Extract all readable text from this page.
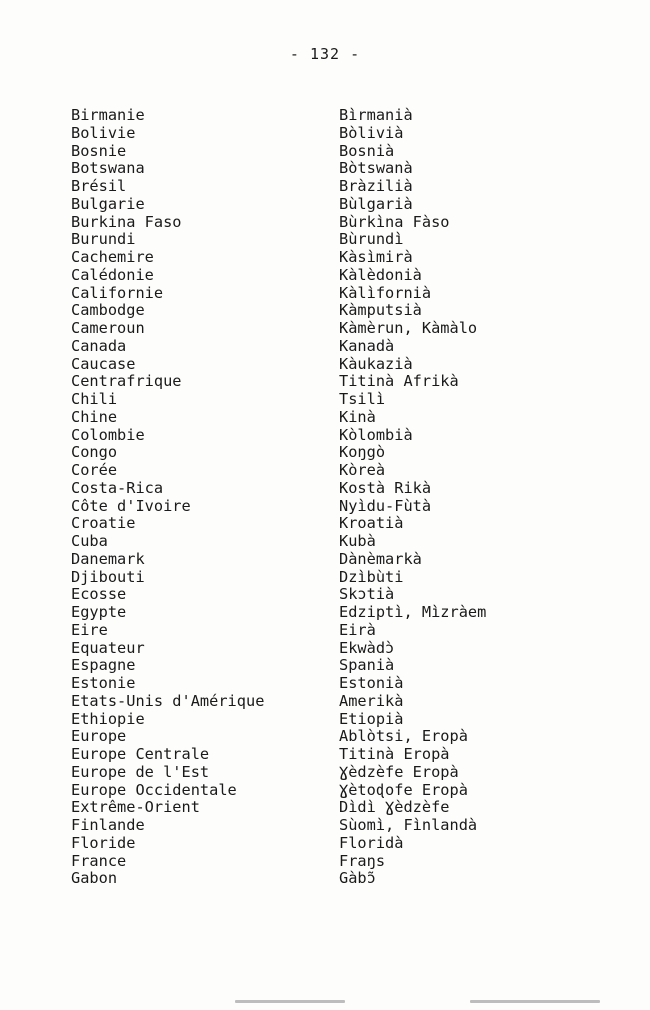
- 132 -
Birmanie
Bolivie
Bosnie
Botswana
Brésil
Bulgarie
Burkina Faso
Burundi
Cachemire
Calédonie
Californie
Cambodge
Cameroun
Canada
Caucase
Centrafrique
Chili
Chine
Colombie
Congo
Corée
Costa-Rica
Côte d'Ivoire
Croatie
Cuba
Danemark
Djibouti
Ecosse
Egypte
Eire
Equateur
Espagne
Estonie
Etats-Unis d'Amérique
Ethiopie
Europe
Europe Centrale
Europe de l'Est
Europe Occidentale
Extrême-Orient
Finlande
Floride
France
Gabon
Bìrmanià
Bòlivià
Bosnià
Bòtswanà
Bràzilià
Bùlgarià
Bùrkìna Fàso
Bùrundì
Kàsìmirà
Kàlèdonià
Kàlìfornià
Kàmputsià
Kàmèrun, Kàmàlo
Kanadà
Kàukazià
Titinà Afrikà
Tsilì
Kinà
Kòlombià
Koŋgò
Kòreà
Kostà Rikà
Nyìdu-Fùtà
Kroatià
Kubà
Dànèmarkà
Dzìbùti
Skɔtià
Edziptì, Mìzràem
Eirà
Ekwàdɔ̀
Spanià
Estonià
Amerikà
Etiopià
Ablòtsi, Eropà
Titinà Eropà
Ɣèdzèfe Eropà
Ɣètoɖofe Eropà
Dìdì Ɣèdzèfe
Sùomì, Fìnlandà
Floridà
Fraŋs
Gàbɔ̃
